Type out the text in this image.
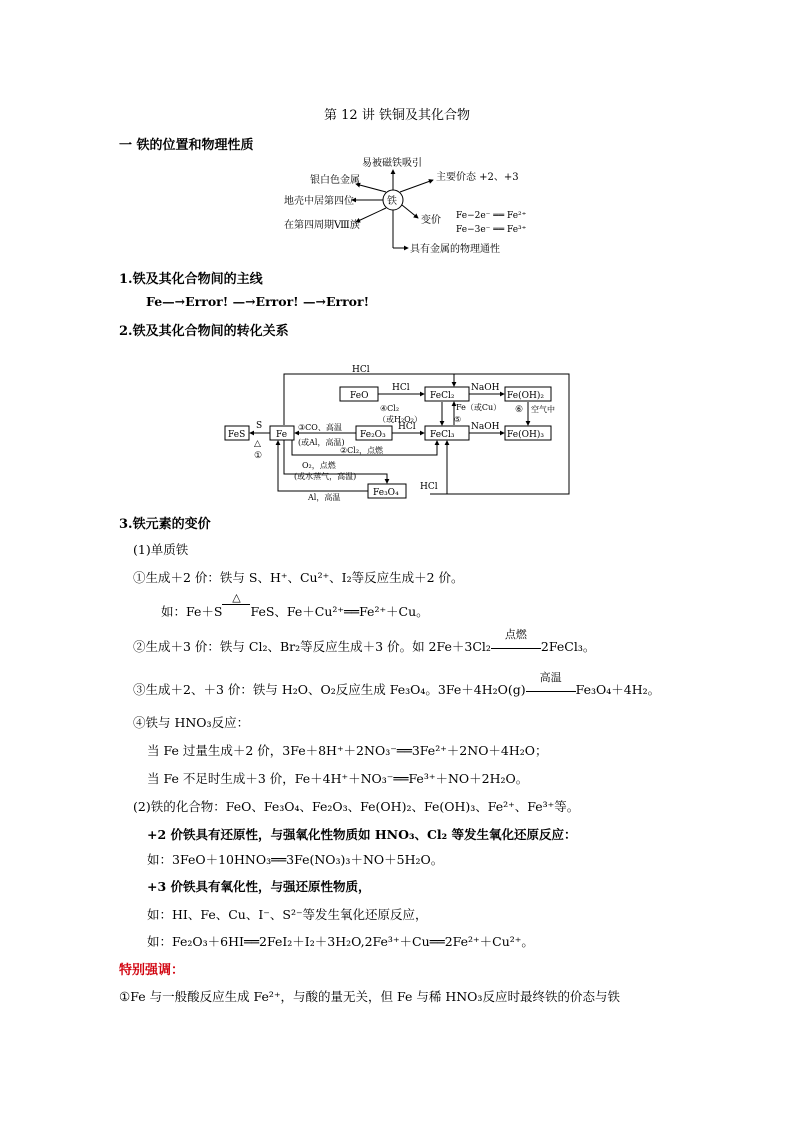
第 12 讲 铁铜及其化合物
一 铁的位置和物理性质
铁
易被磁铁吸引
银白色金属	主要价态 +2、+3
地壳中居第四位
在第四周期Ⅷ族	变价 Fe−2e⁻ ══ Fe²⁺
Fe−3e⁻ ══ Fe³⁺
具有金属的物理通性
1.铁及其化合物间的主线
Fe—→Error! —→Error! —→Error!
2.铁及其化合物间的转化关系
HCl
FeS	Fe
FeO	FeCl₂	Fe(OH)₂
Fe₂O₃	FeCl₃	Fe(OH)₃
Fe₃O₄
S
△
①
③CO、高温
(或Al，高温)
HCl
HCl
④Cl₂
（或H₂O₂）
Fe（或Cu）
⑤
NaOH
NaOH
⑥ 空气中
②Cl₂，点燃
O₂，点燃
(或水蒸气，高温)
Al，高温
HCl
3.铁元素的变价
(1)单质铁
①生成＋2 价：铁与 S、H⁺、Cu²⁺、I₂等反应生成＋2 价。
如：Fe＋S
△
FeS、Fe＋Cu²⁺══Fe²⁺＋Cu。
②生成＋3 价：铁与 Cl₂、Br₂等反应生成＋3 价。如 2Fe＋3Cl₂
点燃
2FeCl₃。
③生成＋2、＋3 价：铁与 H₂O、O₂反应生成 Fe₃O₄。3Fe＋4H₂O(g)
高温
Fe₃O₄＋4H₂。
④铁与 HNO₃反应：
当 Fe 过量生成＋2 价，3Fe＋8H⁺＋2NO₃⁻══3Fe²⁺＋2NO＋4H₂O；
当 Fe 不足时生成＋3 价，Fe＋4H⁺＋NO₃⁻══Fe³⁺＋NO＋2H₂O。
(2)铁的化合物：FeO、Fe₃O₄、Fe₂O₃、Fe(OH)₂、Fe(OH)₃、Fe²⁺、Fe³⁺等。
+2 价铁具有还原性，与强氧化性物质如 HNO₃、Cl₂ 等发生氧化还原反应：
如：3FeO＋10HNO₃══3Fe(NO₃)₃＋NO＋5H₂O。
+3 价铁具有氧化性，与强还原性物质，
如：HI、Fe、Cu、I⁻、S²⁻等发生氧化还原反应，
如：Fe₂O₃＋6HI══2FeI₂＋I₂＋3H₂O,2Fe³⁺＋Cu══2Fe²⁺＋Cu²⁺。
特别强调：
①Fe 与一般酸反应生成 Fe²⁺，与酸的量无关，但 Fe 与稀 HNO₃反应时最终铁的价态与铁
